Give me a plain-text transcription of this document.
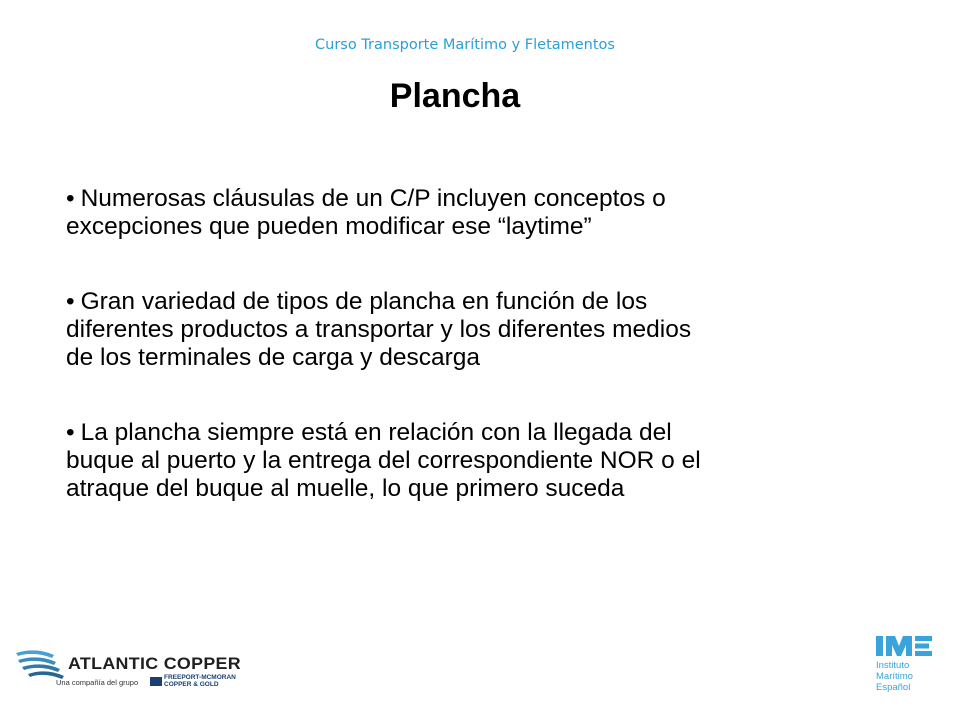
Curso Transporte Marítimo y Fletamentos
Plancha
• Numerosas cláusulas de un C/P incluyen conceptos o
excepciones que pueden modificar ese “laytime”
• Gran variedad de tipos de plancha en función de los
diferentes productos a transportar y los diferentes medios
de los terminales de carga y descarga
• La plancha siempre está en relación con la llegada del
buque al puerto y la entrega del correspondiente NOR o el
atraque del buque al muelle, lo que primero suceda
ATLANTIC COPPER
Una compañía del grupo
FREEPORT-MCMORAN
COPPER & GOLD
Instituto
Marítimo
Español
